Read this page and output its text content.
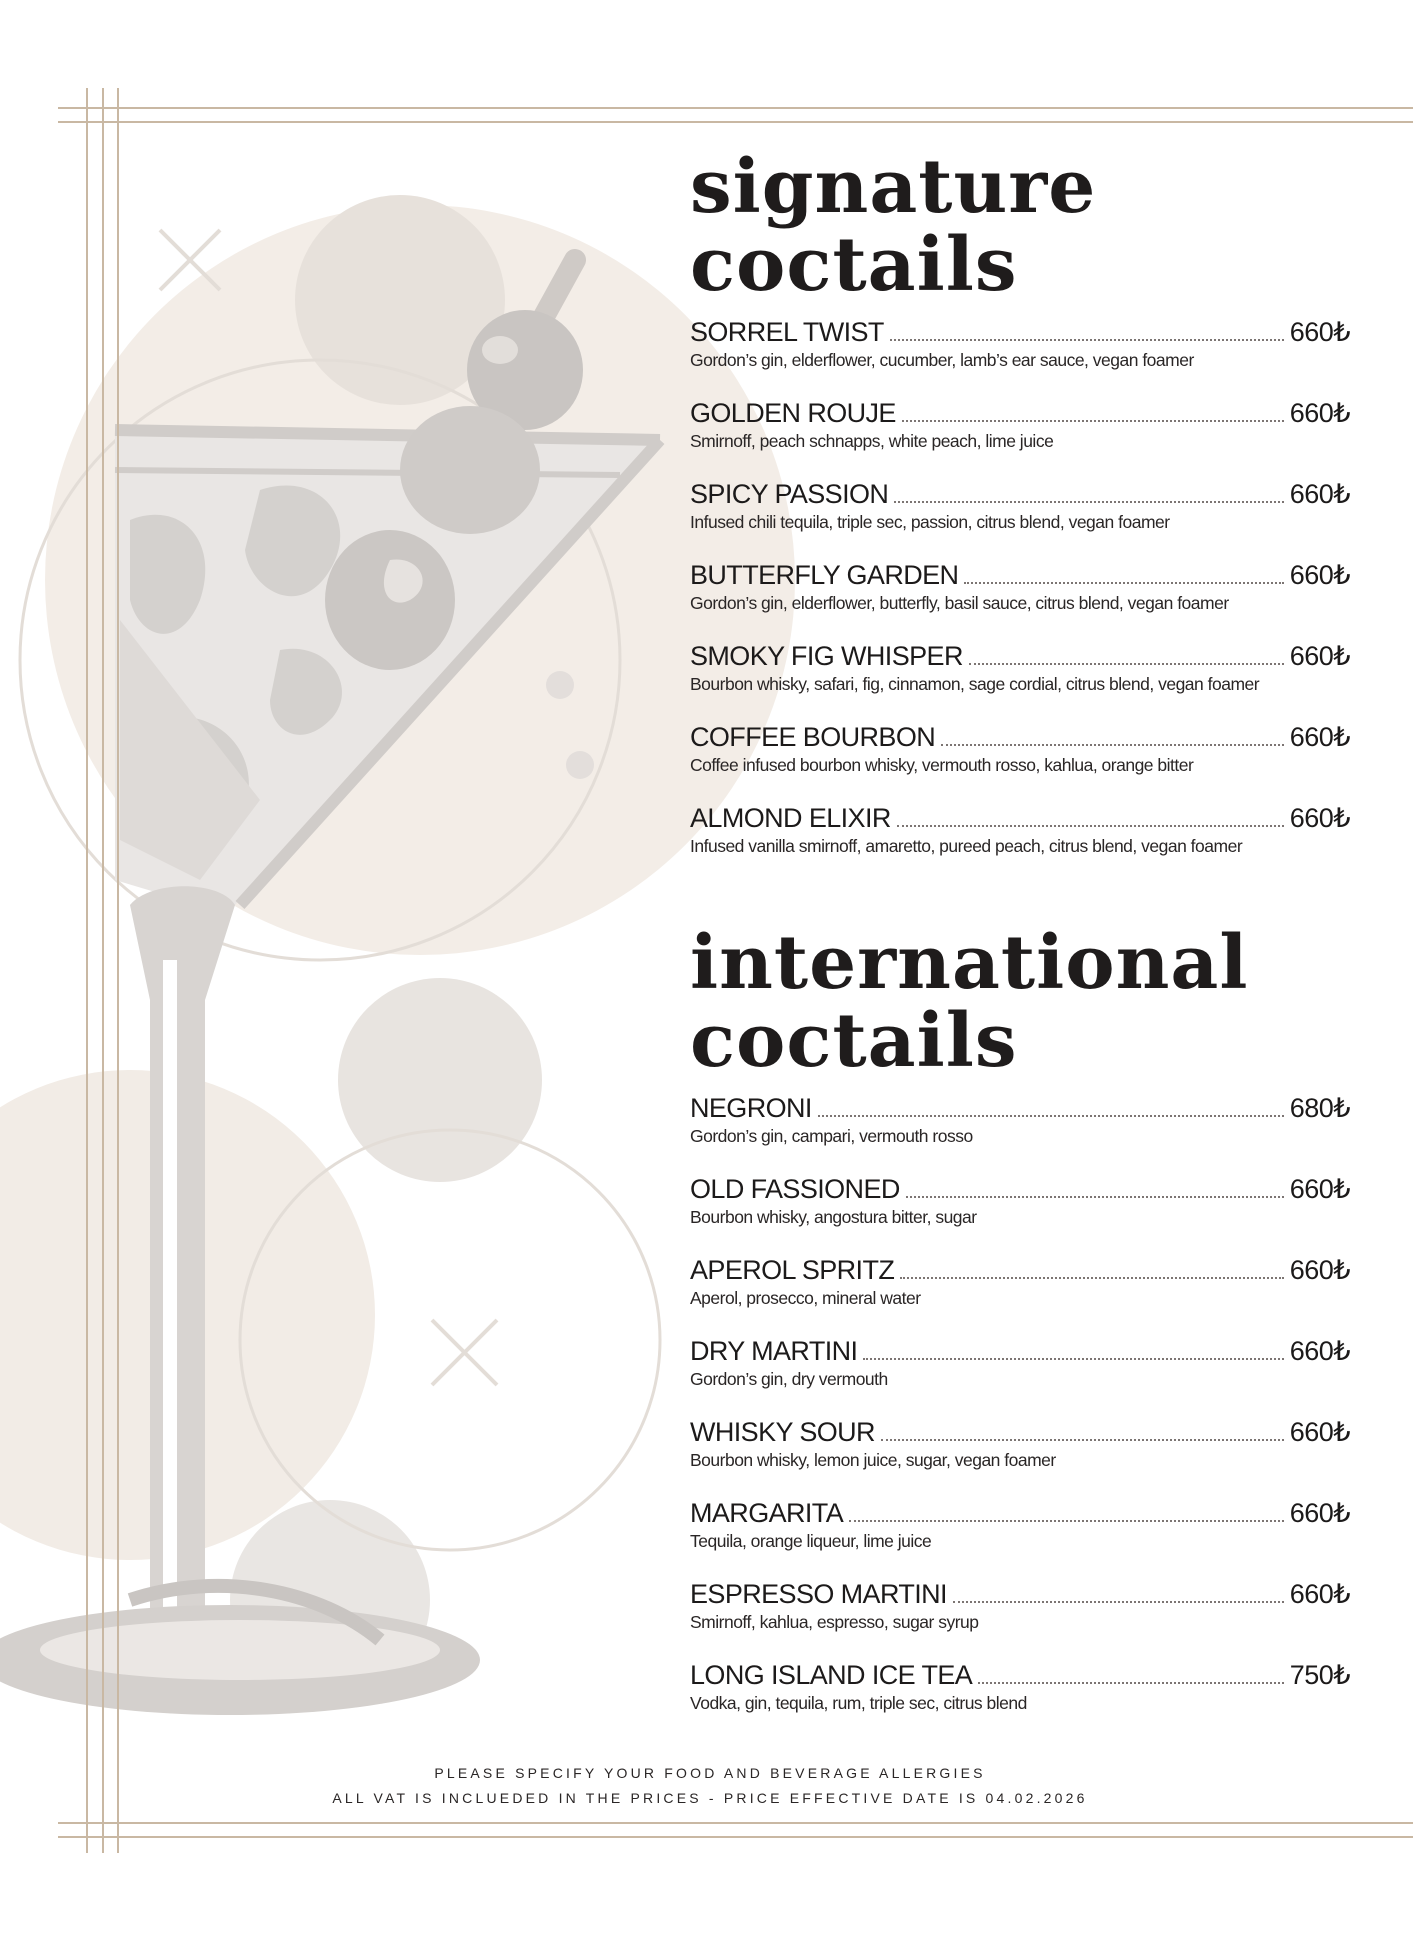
signature
coctails
SORREL TWIST	660₺
Gordon’s gin, elderflower, cucumber, lamb’s ear sauce, vegan foamer
GOLDEN ROUJE	660₺
Smirnoff, peach schnapps, white peach, lime juice
SPICY PASSION	660₺
Infused chili tequila, triple sec, passion, citrus blend, vegan foamer
BUTTERFLY GARDEN	660₺
Gordon’s gin, elderflower, butterfly, basil sauce, citrus blend, vegan foamer
SMOKY FIG WHISPER	660₺
Bourbon whisky, safari, fig, cinnamon, sage cordial, citrus blend, vegan foamer
COFFEE BOURBON	660₺
Coffee infused bourbon whisky, vermouth rosso, kahlua, orange bitter
ALMOND ELIXIR	660₺
Infused vanilla smirnoff, amaretto, pureed peach, citrus blend, vegan foamer
international
coctails
NEGRONI	680₺
Gordon’s gin, campari, vermouth rosso
OLD FASSIONED	660₺
Bourbon whisky, angostura bitter, sugar
APEROL SPRITZ	660₺
Aperol, prosecco, mineral water
DRY MARTINI	660₺
Gordon’s gin, dry vermouth
WHISKY SOUR	660₺
Bourbon whisky, lemon juice, sugar, vegan foamer
MARGARITA	660₺
Tequila, orange liqueur, lime juice
ESPRESSO MARTINI	660₺
Smirnoff, kahlua, espresso, sugar syrup
LONG ISLAND ICE TEA	750₺
Vodka, gin, tequila, rum, triple sec, citrus blend
PLEASE SPECIFY YOUR FOOD AND BEVERAGE ALLERGIES
ALL VAT IS INCLUEDED IN THE PRICES - PRICE EFFECTIVE DATE IS 04.02.2026
